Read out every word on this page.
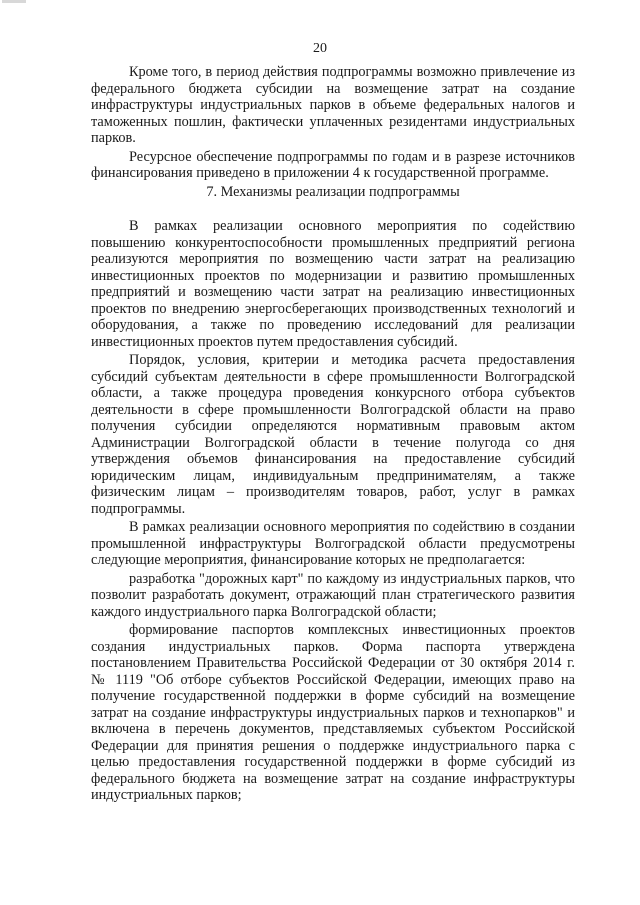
20

Кроме того, в период действия подпрограммы возможно привлечение из федерального бюджета субсидии на возмещение затрат на создание инфраструктуры индустриальных парков в объеме федеральных налогов и таможенных пошлин, фактически уплаченных резидентами индустриальных парков.

Ресурсное обеспечение подпрограммы по годам и в разрезе источников финансирования приведено в приложении 4 к государственной программе.

7. Механизмы реализации подпрограммы

В рамках реализации основного мероприятия по содействию повышению конкурентоспособности промышленных предприятий региона реализуются мероприятия по возмещению части затрат на реализацию инвестиционных проектов по модернизации и развитию промышленных предприятий и возмещению части затрат на реализацию инвестиционных проектов по внедрению энергосберегающих производственных технологий и оборудования, а также по проведению исследований для реализации инвестиционных проектов путем предоставления субсидий.

Порядок, условия, критерии и методика расчета предоставления субсидий субъектам деятельности в сфере промышленности Волгоградской области, а также процедура проведения конкурсного отбора субъектов деятельности в сфере промышленности Волгоградской области на право получения субсидии определяются нормативным правовым актом Администрации Волгоградской области в течение полугода со дня утверждения объемов финансирования на предоставление субсидий юридическим лицам, индивидуальным предпринимателям, а также физическим лицам – производителям товаров, работ, услуг в рамках подпрограммы.

В рамках реализации основного мероприятия по содействию в создании промышленной инфраструктуры Волгоградской области предусмотрены следующие мероприятия, финансирование которых не предполагается:

разработка "дорожных карт" по каждому из индустриальных парков, что позволит разработать документ, отражающий план стратегического развития каждого индустриального парка Волгоградской области;

формирование паспортов комплексных инвестиционных проектов создания индустриальных парков. Форма паспорта утверждена постановлением Правительства Российской Федерации от 30 октября 2014 г. № 1119 "Об отборе субъектов Российской Федерации, имеющих право на получение государственной поддержки в форме субсидий на возмещение затрат на создание инфраструктуры индустриальных парков и технопарков" и включена в перечень документов, представляемых субъектом Российской Федерации для принятия решения о поддержке индустриального парка с целью предоставления государственной поддержки в форме субсидий из федерального бюджета на возмещение затрат на создание инфраструктуры индустриальных парков;
